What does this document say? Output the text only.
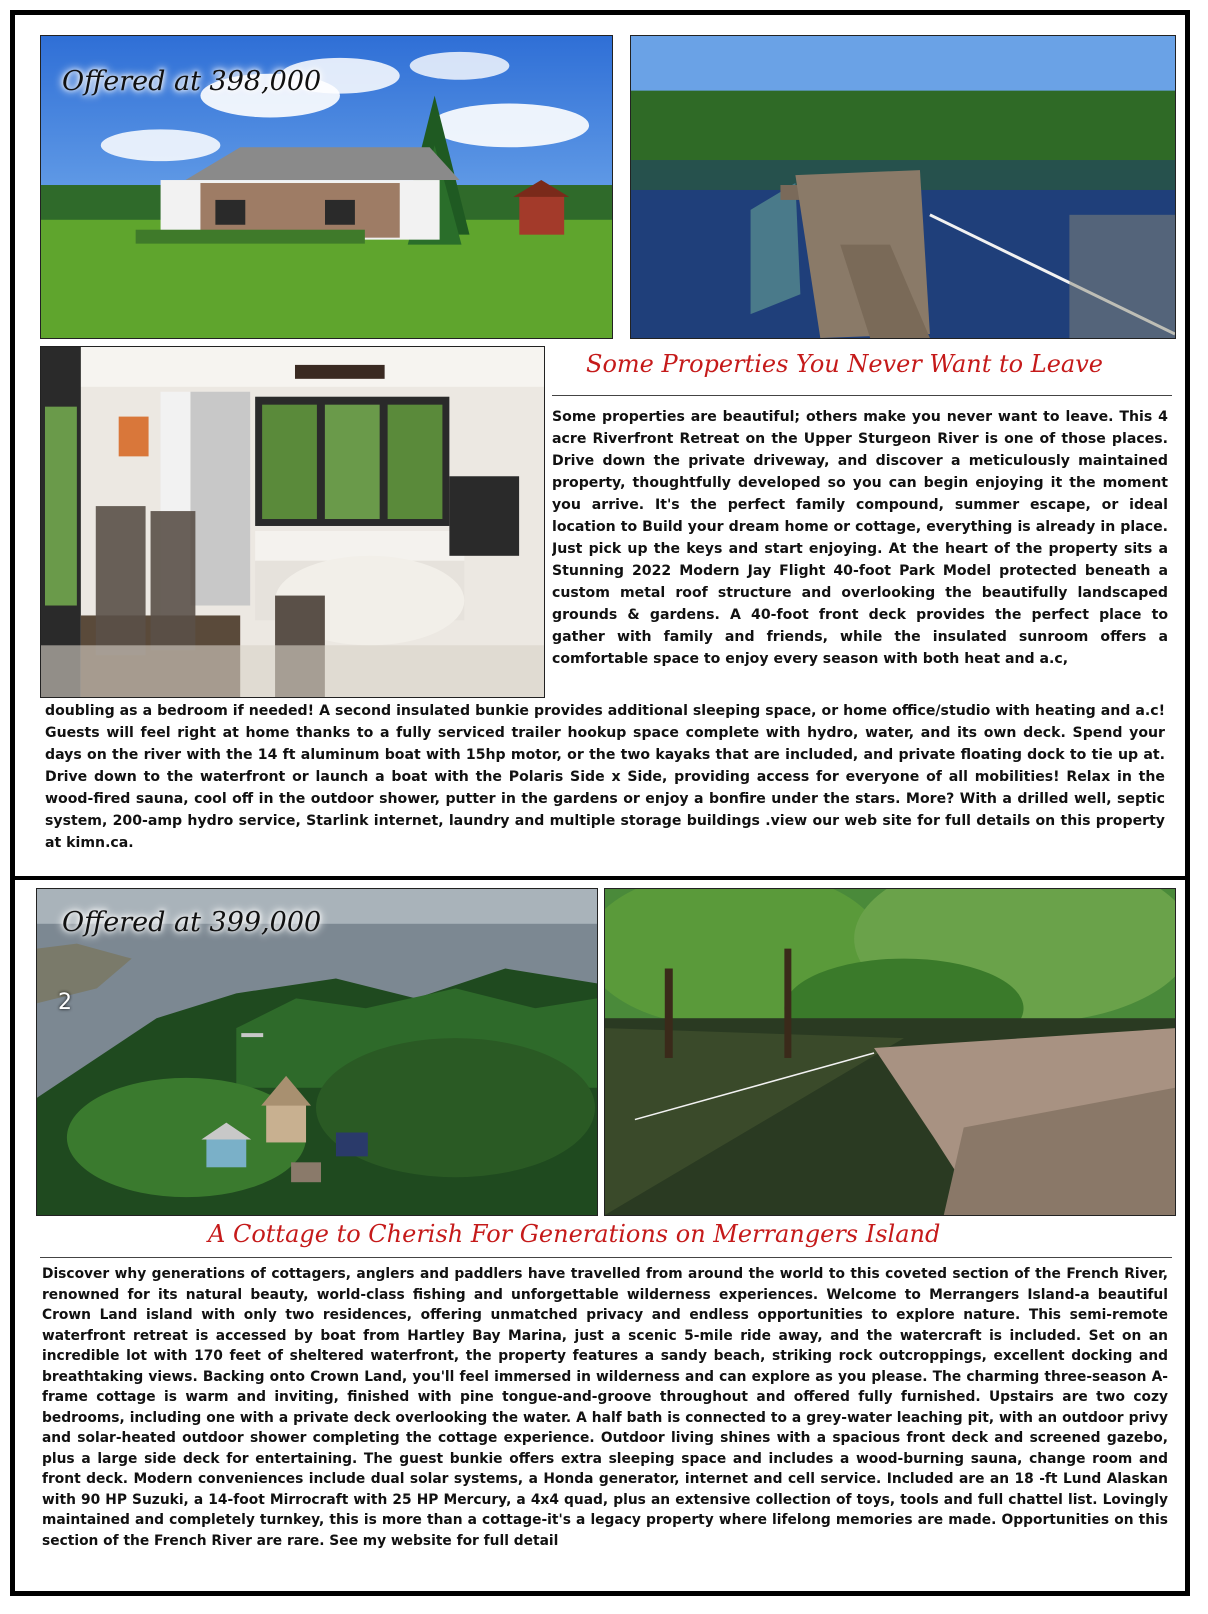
Offered at 398,000
Some Properties You Never Want to Leave

Some properties are beautiful; others make you never want to leave. This 4 acre Riverfront Retreat on the Upper Sturgeon River is one of those places. Drive down the private driveway, and discover a meticulously maintained property, thoughtfully developed so you can begin enjoying it the moment you arrive. It's the perfect family compound, summer escape, or ideal location to Build your dream home or cottage, everything is already in place. Just pick up the keys and start enjoying. At the heart of the property sits a Stunning 2022 Modern Jay Flight 40-foot Park Model protected beneath a custom metal roof structure and overlooking the beautifully landscaped grounds & gardens. A 40-foot front deck provides the perfect place to gather with family and friends, while the insulated sunroom offers a comfortable space to enjoy every season with both heat and a.c,

doubling as a bedroom if needed! A second insulated bunkie provides additional sleeping space, or home office/studio with heating and a.c! Guests will feel right at home thanks to a fully serviced trailer hookup space complete with hydro, water, and its own deck. Spend your days on the river with the 14 ft aluminum boat with 15hp motor, or the two kayaks that are included, and private floating dock to tie up at. Drive down to the waterfront or launch a boat with the Polaris Side x Side, providing access for everyone of all mobilities! Relax in the wood-fired sauna, cool off in the outdoor shower, putter in the gardens or enjoy a bonfire under the stars. More? With a drilled well, septic system, 200-amp hydro service, Starlink internet, laundry and multiple storage buildings .view our web site for full details on this property at kimn.ca.

Offered at 399,000
2
A Cottage to Cherish For Generations on Merrangers Island

Discover why generations of cottagers, anglers and paddlers have travelled from around the world to this coveted section of the French River, renowned for its natural beauty, world-class fishing and unforgettable wilderness experiences. Welcome to Merrangers Island-a beautiful Crown Land island with only two residences, offering unmatched privacy and endless opportunities to explore nature. This semi-remote waterfront retreat is accessed by boat from Hartley Bay Marina, just a scenic 5-mile ride away, and the watercraft is included. Set on an incredible lot with 170 feet of sheltered waterfront, the property features a sandy beach, striking rock outcroppings, excellent docking and breathtaking views. Backing onto Crown Land, you'll feel immersed in wilderness and can explore as you please. The charming three-season A-frame cottage is warm and inviting, finished with pine tongue-and-groove throughout and offered fully furnished. Upstairs are two cozy bedrooms, including one with a private deck overlooking the water. A half bath is connected to a grey-water leaching pit, with an outdoor privy and solar-heated outdoor shower completing the cottage experience. Outdoor living shines with a spacious front deck and screened gazebo, plus a large side deck for entertaining. The guest bunkie offers extra sleeping space and includes a wood-burning sauna, change room and front deck. Modern conveniences include dual solar systems, a Honda generator, internet and cell service. Included are an 18 -ft Lund Alaskan with 90 HP Suzuki, a 14-foot Mirrocraft with 25 HP Mercury, a 4x4 quad, plus an extensive collection of toys, tools and full chattel list. Lovingly maintained and completely turnkey, this is more than a cottage-it's a legacy property where lifelong memories are made. Opportunities on this section of the French River are rare. See my website for full detail
